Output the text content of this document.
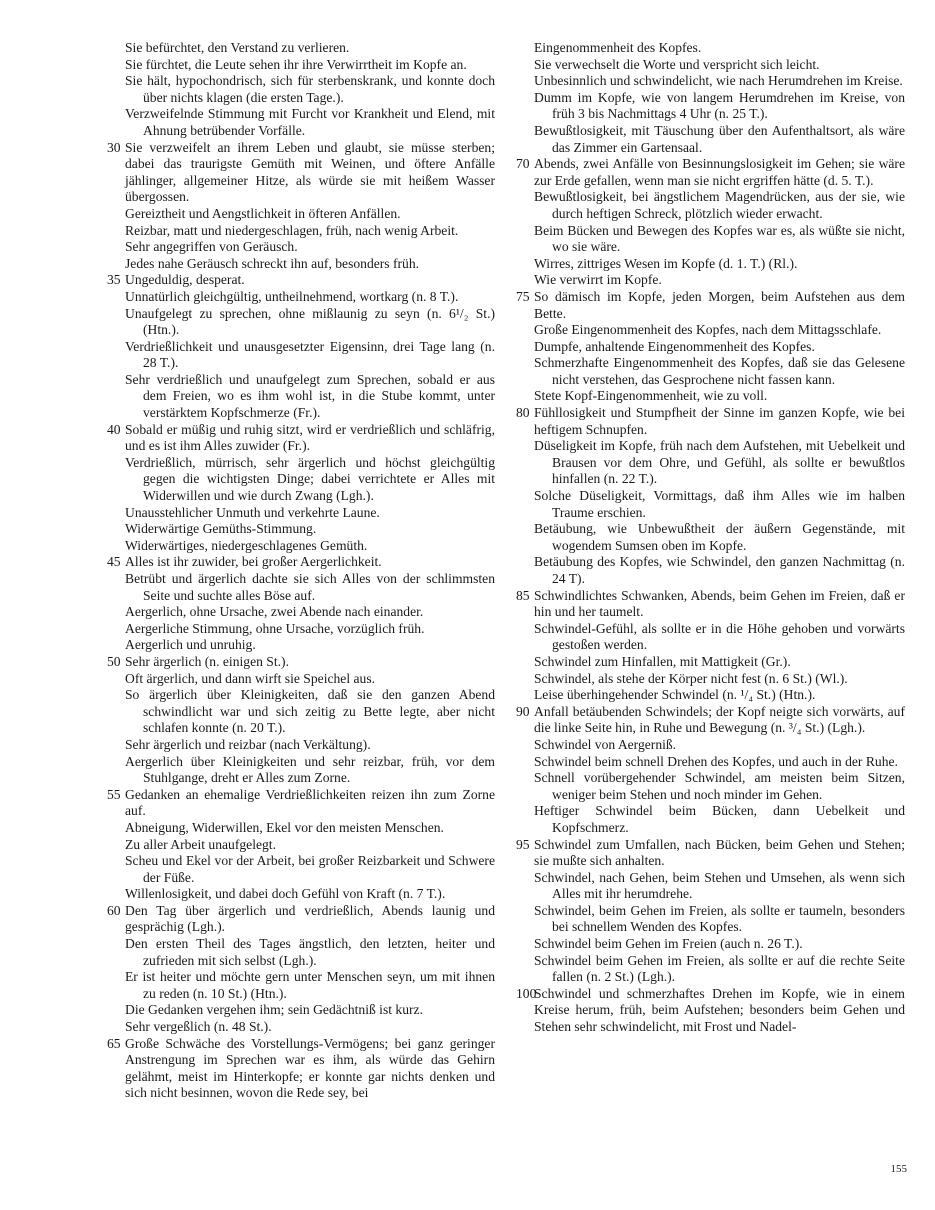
Sie befürchtet, den Verstand zu verlieren.
Sie fürchtet, die Leute sehen ihr ihre Verwirrtheit im Kopfe an.
Sie hält, hypochondrisch, sich für sterbenskrank, und konnte doch über nichts klagen (die ersten Tage.).
Verzweifelnde Stimmung mit Furcht vor Krankheit und Elend, mit Ahnung betrübender Vorfälle.
30 Sie verzweifelt an ihrem Leben und glaubt, sie müsse sterben; dabei das traurigste Gemüth mit Weinen, und öftere Anfälle jählinger, allgemeiner Hitze, als würde sie mit heißem Wasser übergossen.
Gereiztheit und Aengstlichkeit in öfteren Anfällen.
Reizbar, matt und niedergeschlagen, früh, nach wenig Arbeit.
Sehr angegriffen von Geräusch.
Jedes nahe Geräusch schreckt ihn auf, besonders früh.
35 Ungeduldig, desperat.
Unnatürlich gleichgültig, untheilnehmend, wortkarg (n. 8 T.).
Unaufgelegt zu sprechen, ohne mißlaunig zu seyn (n. 6¹/₂ St.) (Htn.).
Verdrießlichkeit und unausgesetzter Eigensinn, drei Tage lang (n. 28 T.).
Sehr verdrießlich und unaufgelegt zum Sprechen, sobald er aus dem Freien, wo es ihm wohl ist, in die Stube kommt, unter verstärktem Kopfschmerze (Fr.).
40 Sobald er müßig und ruhig sitzt, wird er verdrießlich und schläfrig, und es ist ihm Alles zuwider (Fr.).
Verdrießlich, mürrisch, sehr ärgerlich und höchst gleichgültig gegen die wichtigsten Dinge; dabei verrichtete er Alles mit Widerwillen und wie durch Zwang (Lgh.).
Unausstehlicher Unmuth und verkehrte Laune.
Widerwärtige Gemüths-Stimmung.
Widerwärtiges, niedergeschlagenes Gemüth.
45 Alles ist ihr zuwider, bei großer Aergerlichkeit.
Betrübt und ärgerlich dachte sie sich Alles von der schlimmsten Seite und suchte alles Böse auf.
Aergerlich, ohne Ursache, zwei Abende nach einander.
Aergerliche Stimmung, ohne Ursache, vorzüglich früh.
Aergerlich und unruhig.
50 Sehr ärgerlich (n. einigen St.).
Oft ärgerlich, und dann wirft sie Speichel aus.
So ärgerlich über Kleinigkeiten, daß sie den ganzen Abend schwindlicht war und sich zeitig zu Bette legte, aber nicht schlafen konnte (n. 20 T.).
Sehr ärgerlich und reizbar (nach Verkältung).
Aergerlich über Kleinigkeiten und sehr reizbar, früh, vor dem Stuhlgange, dreht er Alles zum Zorne.
55 Gedanken an ehemalige Verdrießlichkeiten reizen ihn zum Zorne auf.
Abneigung, Widerwillen, Ekel vor den meisten Menschen.
Zu aller Arbeit unaufgelegt.
Scheu und Ekel vor der Arbeit, bei großer Reizbarkeit und Schwere der Füße.
Willenlosigkeit, und dabei doch Gefühl von Kraft (n. 7 T.).
60 Den Tag über ärgerlich und verdrießlich, Abends launig und gesprächig (Lgh.).
Den ersten Theil des Tages ängstlich, den letzten, heiter und zufrieden mit sich selbst (Lgh.).
Er ist heiter und möchte gern unter Menschen seyn, um mit ihnen zu reden (n. 10 St.) (Htn.).
Die Gedanken vergehen ihm; sein Gedächtniß ist kurz.
Sehr vergeßlich (n. 48 St.).
65 Große Schwäche des Vorstellungs-Vermögens; bei ganz geringer Anstrengung im Sprechen war es ihm, als würde das Gehirn gelähmt, meist im Hinterkopfe; er konnte gar nichts denken und sich nicht besinnen, wovon die Rede sey, bei
Eingenommenheit des Kopfes.
Sie verwechselt die Worte und verspricht sich leicht.
Unbesinnlich und schwindelicht, wie nach Herumdrehen im Kreise.
Dumm im Kopfe, wie von langem Herumdrehen im Kreise, von früh 3 bis Nachmittags 4 Uhr (n. 25 T.).
Bewußtlosigkeit, mit Täuschung über den Aufenthaltsort, als wäre das Zimmer ein Gartensaal.
70 Abends, zwei Anfälle von Besinnungslosigkeit im Gehen; sie wäre zur Erde gefallen, wenn man sie nicht ergriffen hätte (d. 5. T.).
Bewußtlosigkeit, bei ängstlichem Magendrücken, aus der sie, wie durch heftigen Schreck, plötzlich wieder erwacht.
Beim Bücken und Bewegen des Kopfes war es, als wüßte sie nicht, wo sie wäre.
Wirres, zittriges Wesen im Kopfe (d. 1. T.) (Rl.).
Wie verwirrt im Kopfe.
75 So dämisch im Kopfe, jeden Morgen, beim Aufstehen aus dem Bette.
Große Eingenommenheit des Kopfes, nach dem Mittagsschlafe.
Dumpfe, anhaltende Eingenommenheit des Kopfes.
Schmerzhafte Eingenommenheit des Kopfes, daß sie das Gelesene nicht verstehen, das Gesprochene nicht fassen kann.
Stete Kopf-Eingenommenheit, wie zu voll.
80 Fühllosigkeit und Stumpfheit der Sinne im ganzen Kopfe, wie bei heftigem Schnupfen.
Düseligkeit im Kopfe, früh nach dem Aufstehen, mit Uebelkeit und Brausen vor dem Ohre, und Gefühl, als sollte er bewußtlos hinfallen (n. 22 T.).
Solche Düseligkeit, Vormittags, daß ihm Alles wie im halben Traume erschien.
Betäubung, wie Unbewußtheit der äußern Gegenstände, mit wogendem Sumsen oben im Kopfe.
Betäubung des Kopfes, wie Schwindel, den ganzen Nachmittag (n. 24 T).
85 Schwindlichtes Schwanken, Abends, beim Gehen im Freien, daß er hin und her taumelt.
Schwindel-Gefühl, als sollte er in die Höhe gehoben und vorwärts gestoßen werden.
Schwindel zum Hinfallen, mit Mattigkeit (Gr.).
Schwindel, als stehe der Körper nicht fest (n. 6 St.) (Wl.).
Leise überhingehender Schwindel (n. ¹/₄ St.) (Htn.).
90 Anfall betäubenden Schwindels; der Kopf neigte sich vorwärts, auf die linke Seite hin, in Ruhe und Bewegung (n. ³/₄ St.) (Lgh.).
Schwindel von Aergerniß.
Schwindel beim schnell Drehen des Kopfes, und auch in der Ruhe.
Schnell vorübergehender Schwindel, am meisten beim Sitzen, weniger beim Stehen und noch minder im Gehen.
Heftiger Schwindel beim Bücken, dann Uebelkeit und Kopfschmerz.
95 Schwindel zum Umfallen, nach Bücken, beim Gehen und Stehen; sie mußte sich anhalten.
Schwindel, nach Gehen, beim Stehen und Umsehen, als wenn sich Alles mit ihr herumdrehe.
Schwindel, beim Gehen im Freien, als sollte er taumeln, besonders bei schnellem Wenden des Kopfes.
Schwindel beim Gehen im Freien (auch n. 26 T.).
Schwindel beim Gehen im Freien, als sollte er auf die rechte Seite fallen (n. 2 St.) (Lgh.).
100
Schwindel und schmerzhaftes Drehen im Kopfe, wie in einem Kreise herum, früh, beim Aufstehen; besonders beim Gehen und Stehen sehr schwindelicht, mit Frost und Nadel-
155
